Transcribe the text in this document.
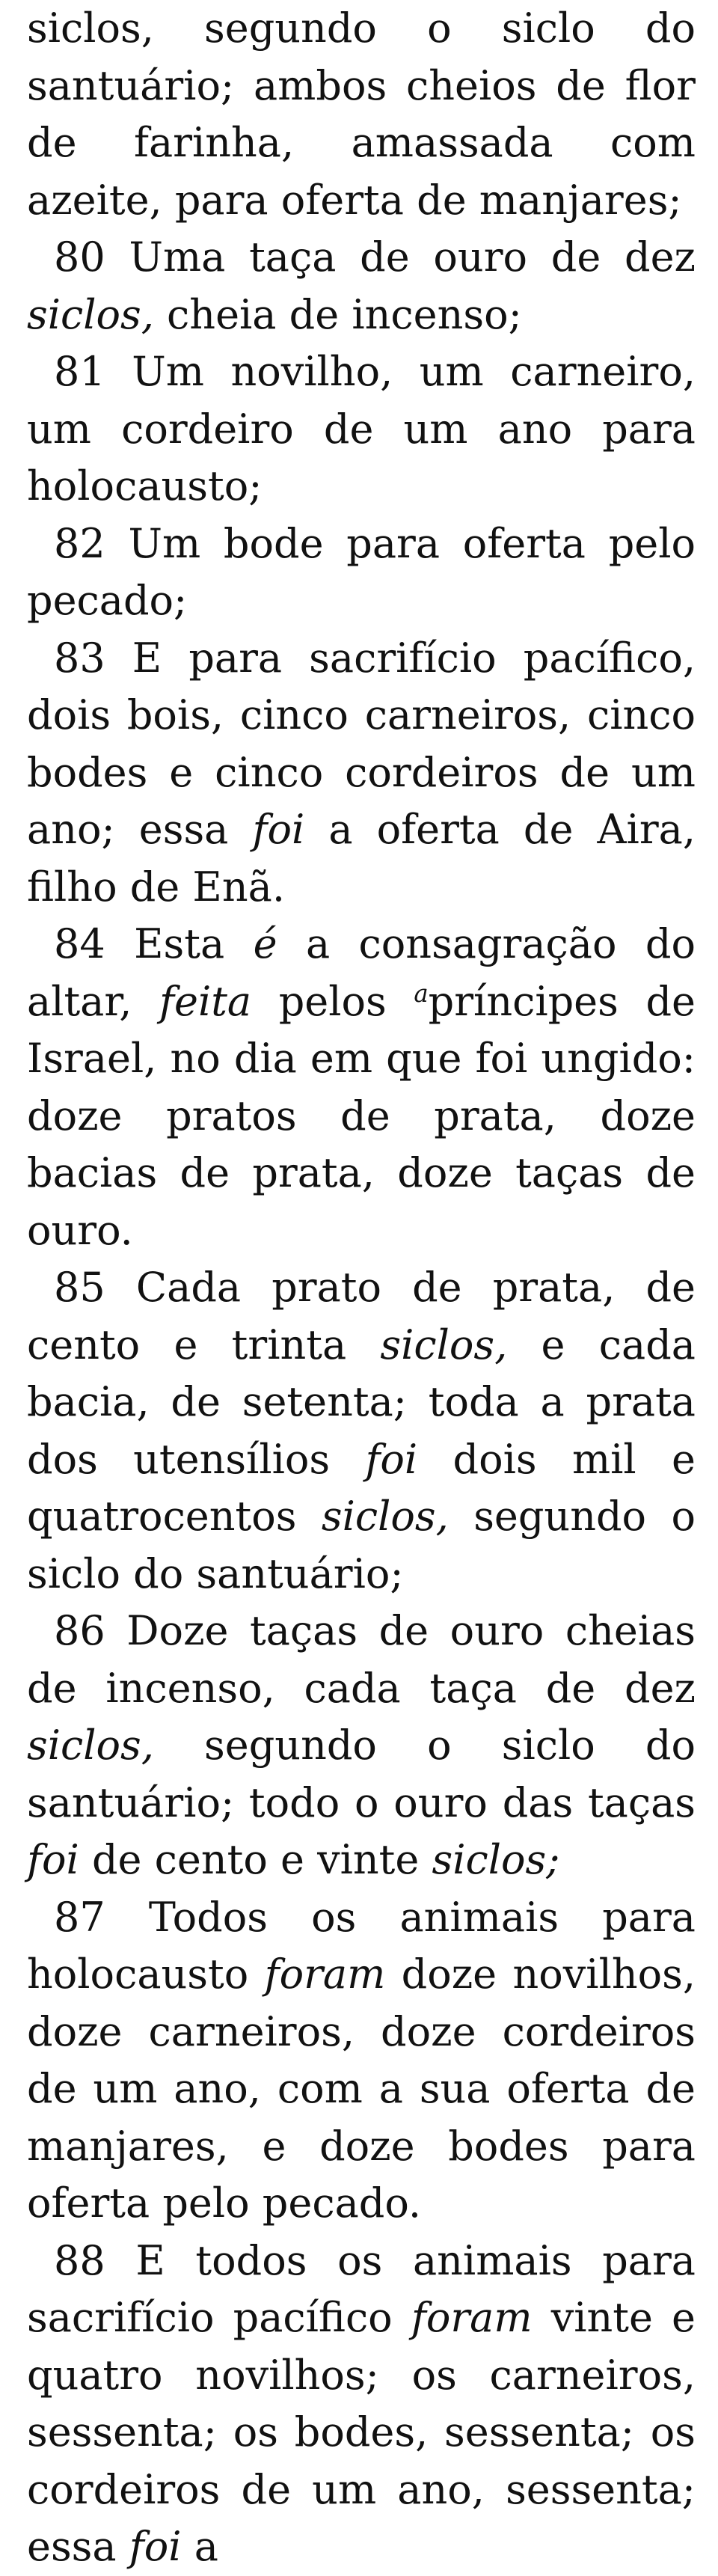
siclos, segundo o siclo do santuário; ambos cheios de flor de farinha, amassada com azeite, para oferta de manjares;

80 Uma taça de ouro de dez siclos, cheia de incenso;

81 Um novilho, um carneiro, um cordeiro de um ano para holocausto;

82 Um bode para oferta pelo pecado;

83 E para sacrifício pacífico, dois bois, cinco carneiros, cinco bodes e cinco cordeiros de um ano; essa foi a oferta de Aira, filho de Enã.

84 Esta é a consagração do altar, feita pelos $^a$príncipes de Israel, no dia em que foi ungido: doze pratos de prata, doze bacias de prata, doze taças de ouro.

85 Cada prato de prata, de cento e trinta siclos, e cada bacia, de setenta; toda a prata dos utensílios foi dois mil e quatrocentos siclos, segundo o siclo do santuário;

86 Doze taças de ouro cheias de incenso, cada taça de dez siclos, segundo o siclo do santuário; todo o ouro das taças foi de cento e vinte siclos;

87 Todos os animais para holocausto foram doze novilhos, doze carneiros, doze cordeiros de um ano, com a sua oferta de manjares, e doze bodes para oferta pelo pecado.

88 E todos os animais para sacrifício pacífico foram vinte e quatro novilhos; os carneiros, sessenta; os bodes, sessenta; os cordeiros de um ano, sessenta; essa foi a
